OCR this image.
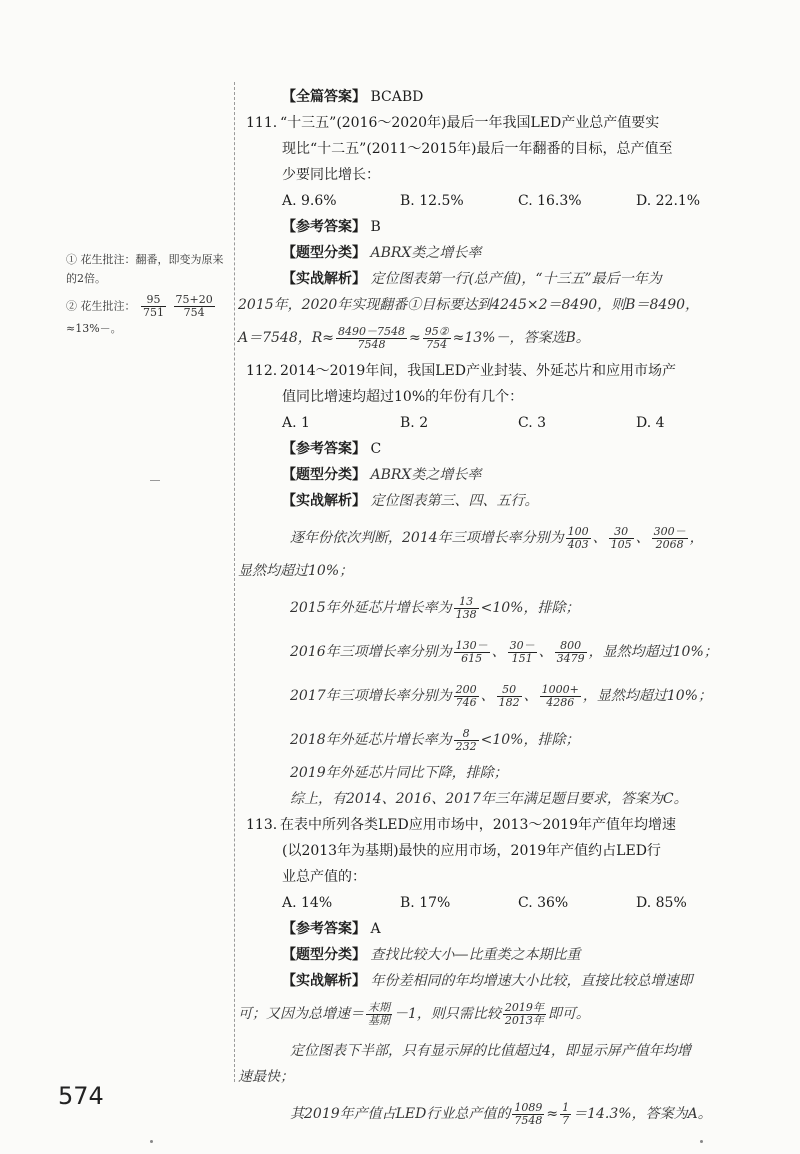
① 花生批注：翻番，即变为原来的2倍。

② 花生批注： $\frac{95}{751}$
$\frac{75+20}{754}$
≈13%－。

【全篇答案】 BCABD
111. “十三五”(2016～2020年)最后一年我国LED产业总产值要实
现比“十二五”(2011～2015年)最后一年翻番的目标，总产值至
少要同比增长：
A. 9.6%	B. 12.5%	C. 16.3%	D. 22.1%
【参考答案】 B
【题型分类】 ABRX类之增长率
【实战解析】 定位图表第一行(总产值)，“十三五”最后一年为
2015年，2020年实现翻番①目标要达到4245×2＝8490，则B＝8490，
A＝7548，$R\approx \frac{8490-7548}{7548} \approx \frac{\text{95②}}{754} \approx 13\%-$，答案选B。
112. 2014～2019年间，我国LED产业封装、外延芯片和应用市场产
值同比增速均超过10%的年份有几个：
A. 1	B. 2	C. 3	D. 4
【参考答案】 C
【题型分类】 ABRX类之增长率
【实战解析】 定位图表第三、四、五行。
逐年份依次判断，2014年三项增长率分别为 $\frac{100}{403}$ 、 $\frac{30}{105}$ 、 $\frac{300-}{2068}$ ，
显然均超过10%；
2015年外延芯片增长率为 $\frac{13}{138} <10\%$，排除；
2016年三项增长率分别为 $\frac{130-}{615}$ 、 $\frac{30-}{151}$ 、 $\frac{800}{3479}$ ，显然均超过10%；
2017年三项增长率分别为 $\frac{200}{746}$ 、 $\frac{50}{182}$ 、 $\frac{1000+}{4286}$ ，显然均超过10%；
2018年外延芯片增长率为 $\frac{8}{232} <10\%$，排除；
2019年外延芯片同比下降，排除；
综上，有2014、2016、2017年三年满足题目要求，答案为C。
113. 在表中所列各类LED应用市场中，2013～2019年产值年均增速
(以2013年为基期)最快的应用市场，2019年产值约占LED行
业总产值的：
A. 14%	B. 17%	C. 36%	D. 85%
【参考答案】 A
【题型分类】 查找比较大小—比重类之本期比重
【实战解析】 年份差相同的年均增速大小比较，直接比较总增速即
可；又因为总增速＝ $\frac{\text{末期}}{\text{基期}} -1$，则只需比较 $\frac{\text{2019年}}{\text{2013年}}$ 即可。
定位图表下半部，只有显示屏的比值超过4，即显示屏产值年均增
速最快；
其2019年产值占LED行业总产值的 $\frac{1089}{7548} \approx \frac{1}{7} =14.3\%$，答案为A。
574
